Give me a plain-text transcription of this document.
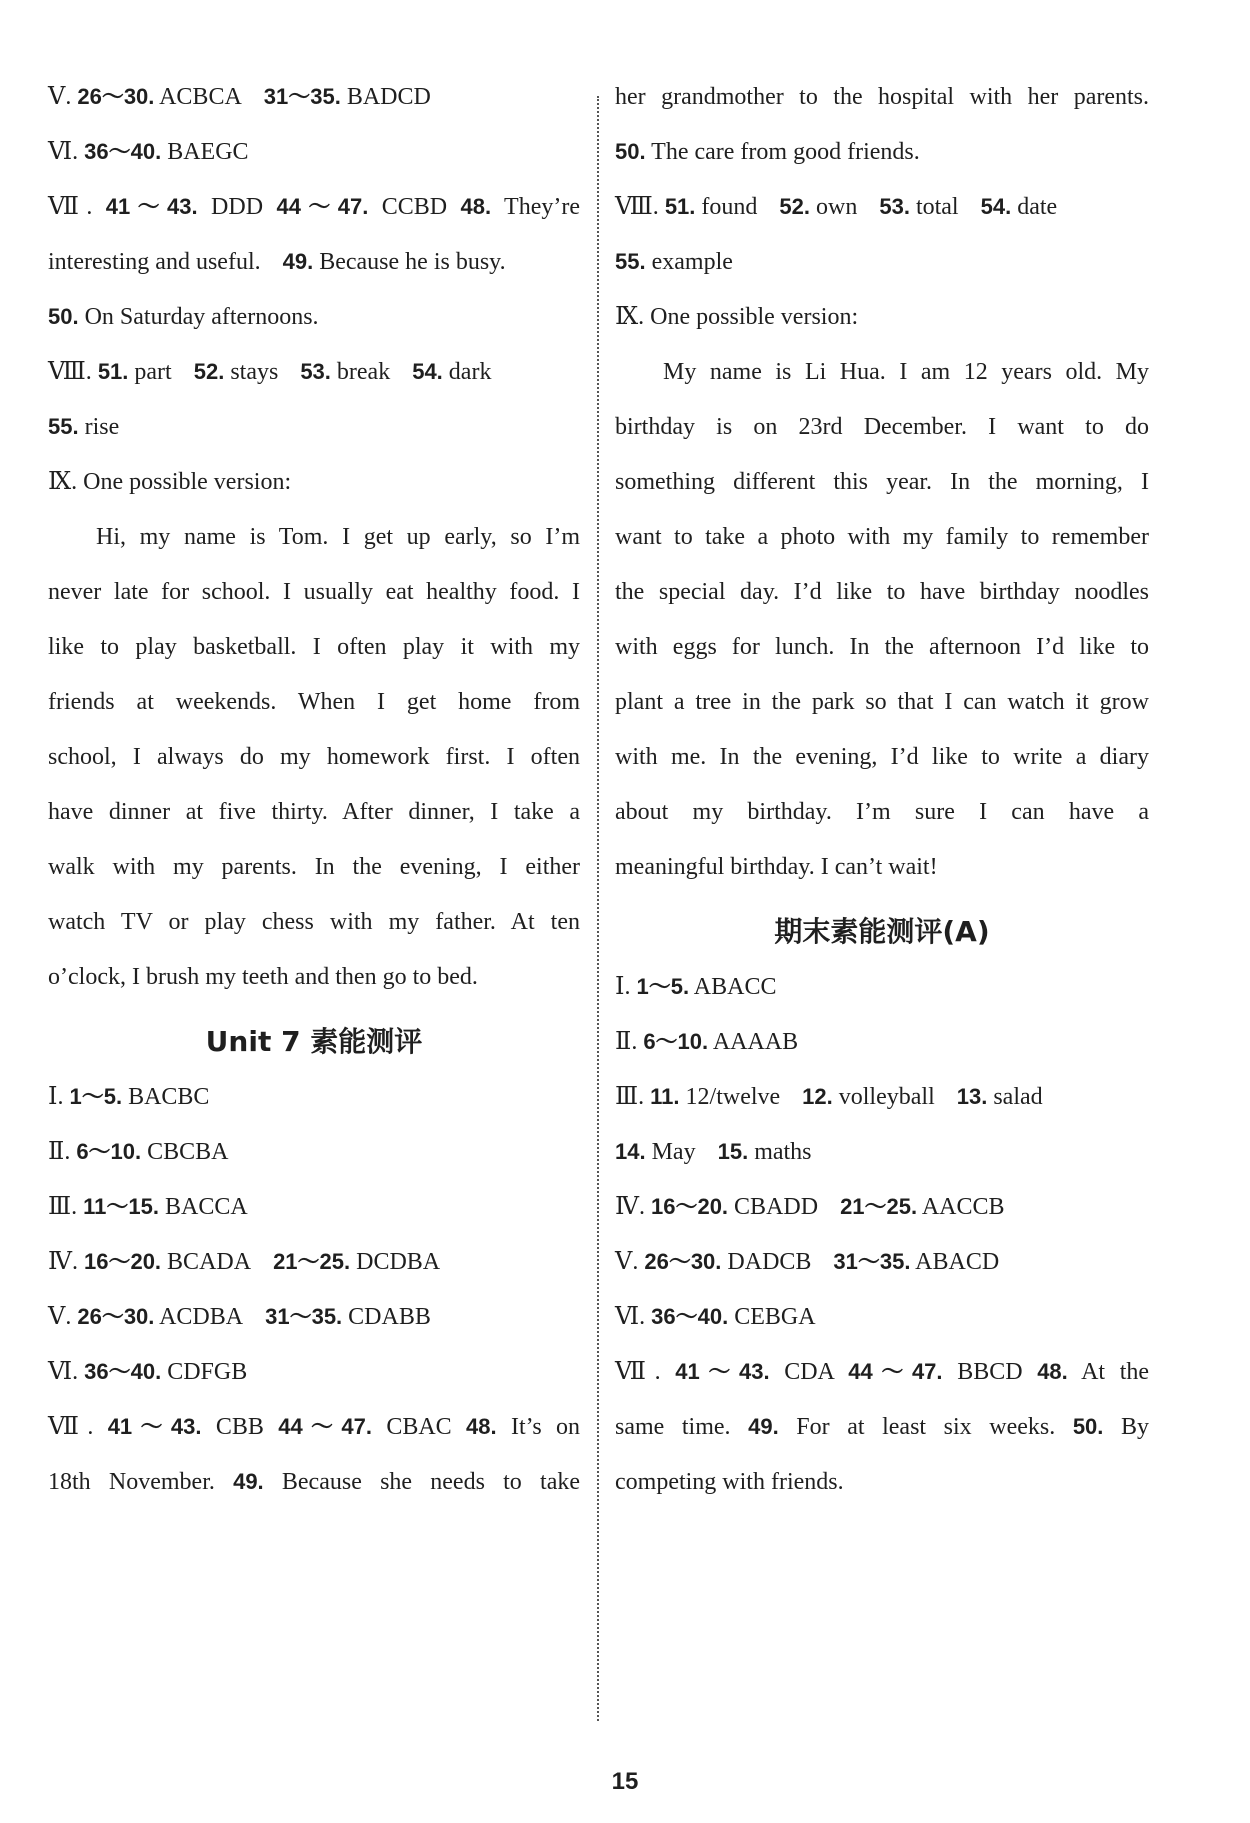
Ⅴ. 26～30. ACBCA 31～35. BADCD
Ⅵ. 36～40. BAEGC
Ⅶ. 41～43. DDD 44～47. CCBD 48. They’re
interesting and useful. 49. Because he is busy.
50. On Saturday afternoons.
Ⅷ. 51. part 52. stays 53. break 54. dark
55. rise
Ⅸ. One possible version:
Hi, my name is Tom. I get up early, so I’m
never late for school. I usually eat healthy food. I
like to play basketball. I often play it with my
friends at weekends. When I get home from
school, I always do my homework first. I often
have dinner at five thirty. After dinner, I take a
walk with my parents. In the evening, I either
watch TV or play chess with my father. At ten
o’clock, I brush my teeth and then go to bed.
Unit 7 素能测评
Ⅰ. 1～5. BACBC
Ⅱ. 6～10. CBCBA
Ⅲ. 11～15. BACCA
Ⅳ. 16～20. BCADA 21～25. DCDBA
Ⅴ. 26～30. ACDBA 31～35. CDABB
Ⅵ. 36～40. CDFGB
Ⅶ. 41～43. CBB 44～47. CBAC 48. It’s on
18th November. 49. Because she needs to take
her grandmother to the hospital with her parents.
50. The care from good friends.
Ⅷ. 51. found 52. own 53. total 54. date
55. example
Ⅸ. One possible version:
My name is Li Hua. I am 12 years old. My
birthday is on 23rd December. I want to do
something different this year. In the morning, I
want to take a photo with my family to remember
the special day. I’d like to have birthday noodles
with eggs for lunch. In the afternoon I’d like to
plant a tree in the park so that I can watch it grow
with me. In the evening, I’d like to write a diary
about my birthday. I’m sure I can have a
meaningful birthday. I can’t wait!
期末素能测评(A)
Ⅰ. 1～5. ABACC
Ⅱ. 6～10. AAAAB
Ⅲ. 11. 12/twelve 12. volleyball 13. salad
14. May 15. maths
Ⅳ. 16～20. CBADD 21～25. AACCB
Ⅴ. 26～30. DADCB 31～35. ABACD
Ⅵ. 36～40. CEBGA
Ⅶ. 41～43. CDA 44～47. BBCD 48. At the
same time. 49. For at least six weeks. 50. By
competing with friends.
15
